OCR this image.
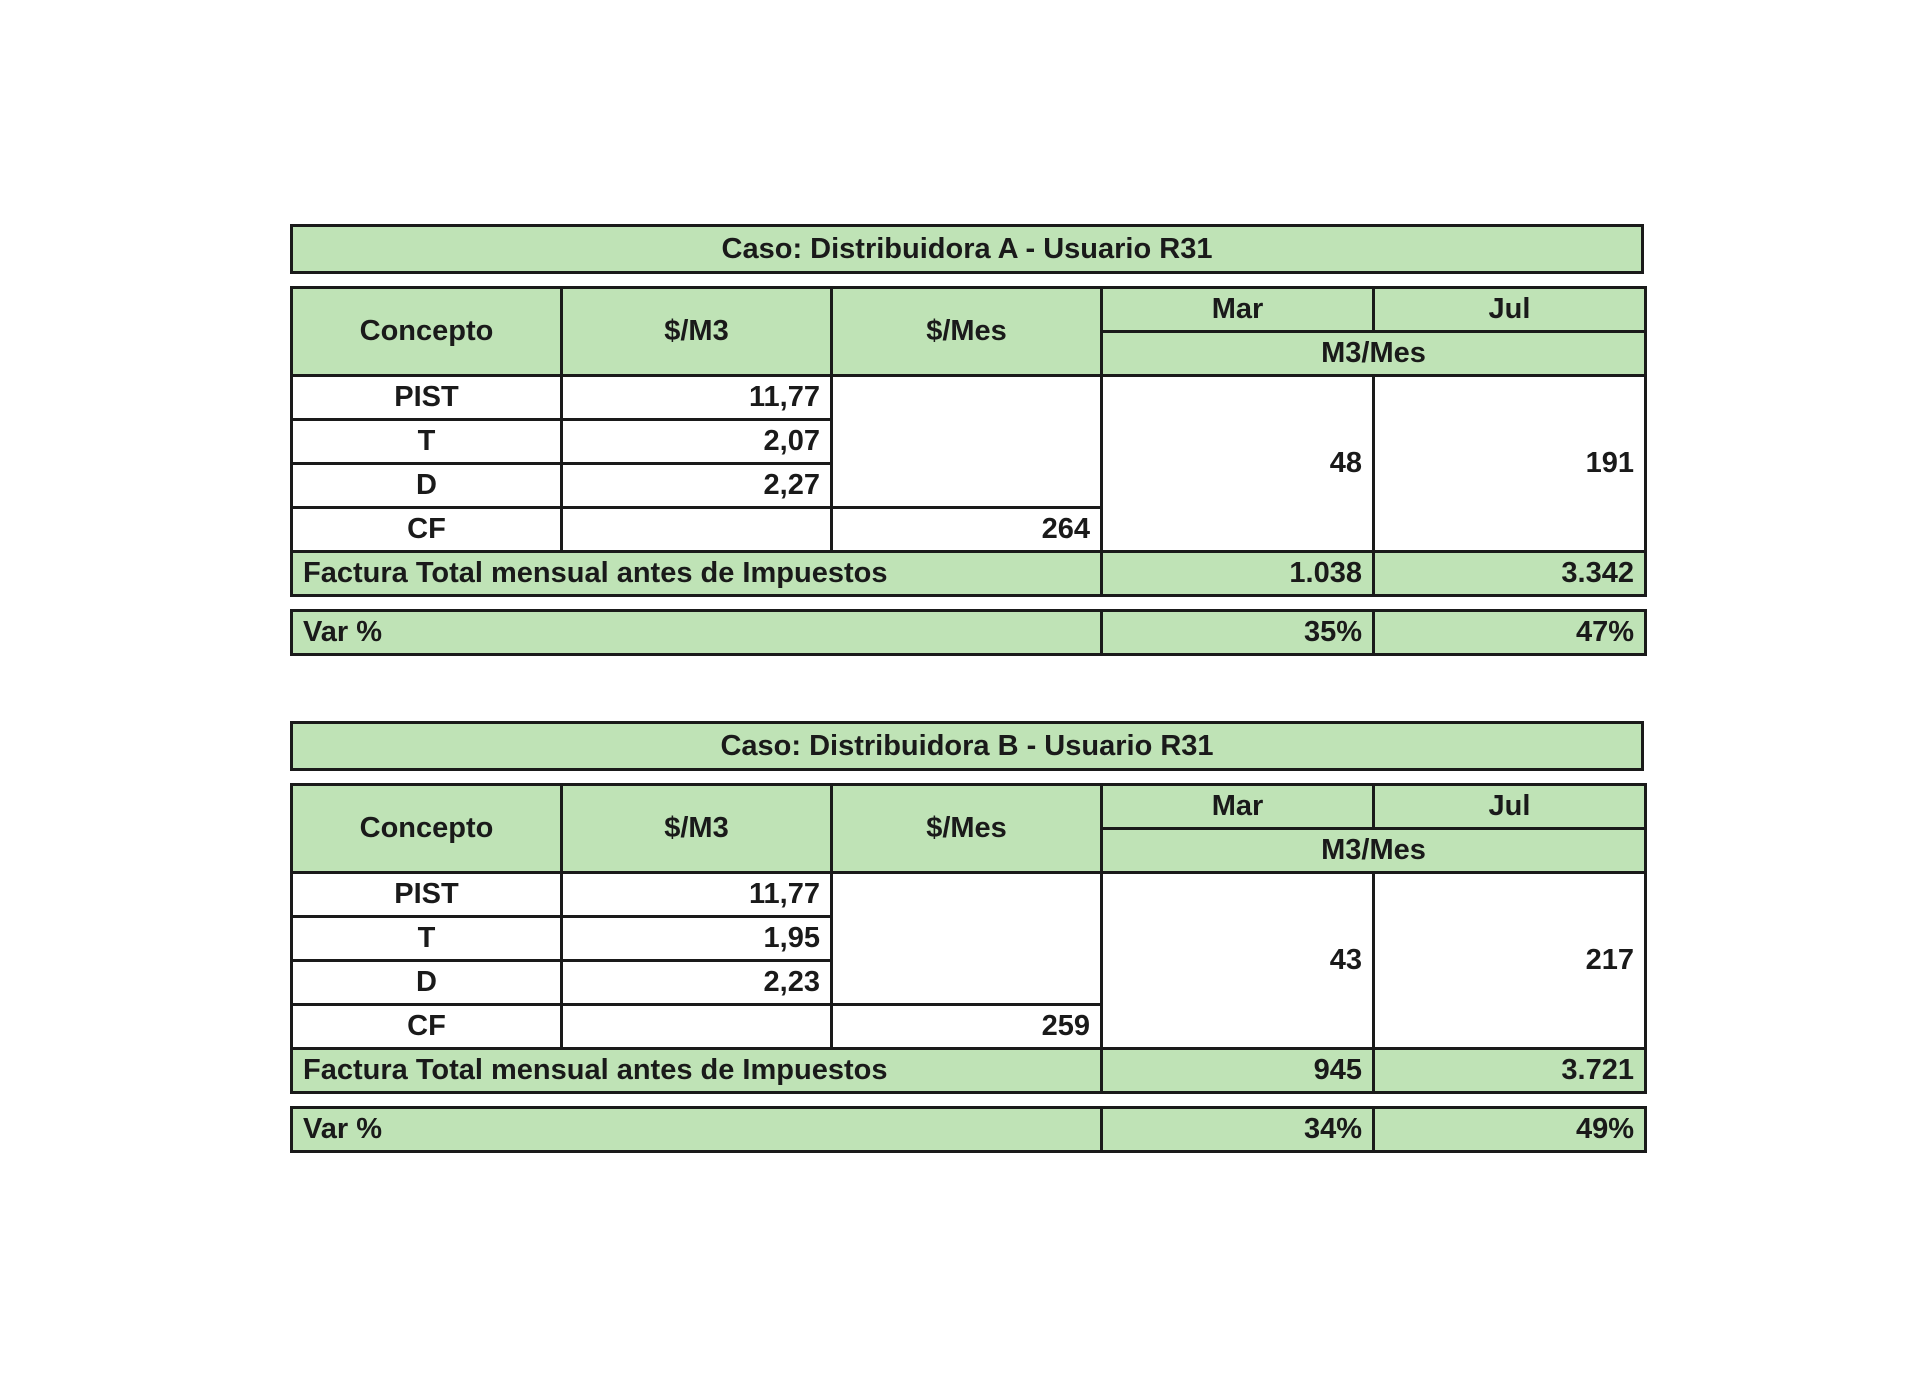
Caso: Distribuidora A - Usuario R31
Concepto	$/M3	$/Mes	Mar	Jul
			M3/Mes	
PIST	11,77		48	191
T	2,07			
D	2,27			
CF		264		
Factura Total mensual antes de Impuestos			1.038	3.342
Var %	35%	47%
Caso: Distribuidora B - Usuario R31
Concepto	$/M3	$/Mes	Mar	Jul
			M3/Mes	
PIST	11,77		43	217
T	1,95			
D	2,23			
CF		259		
Factura Total mensual antes de Impuestos			945	3.721
Var %	34%	49%
